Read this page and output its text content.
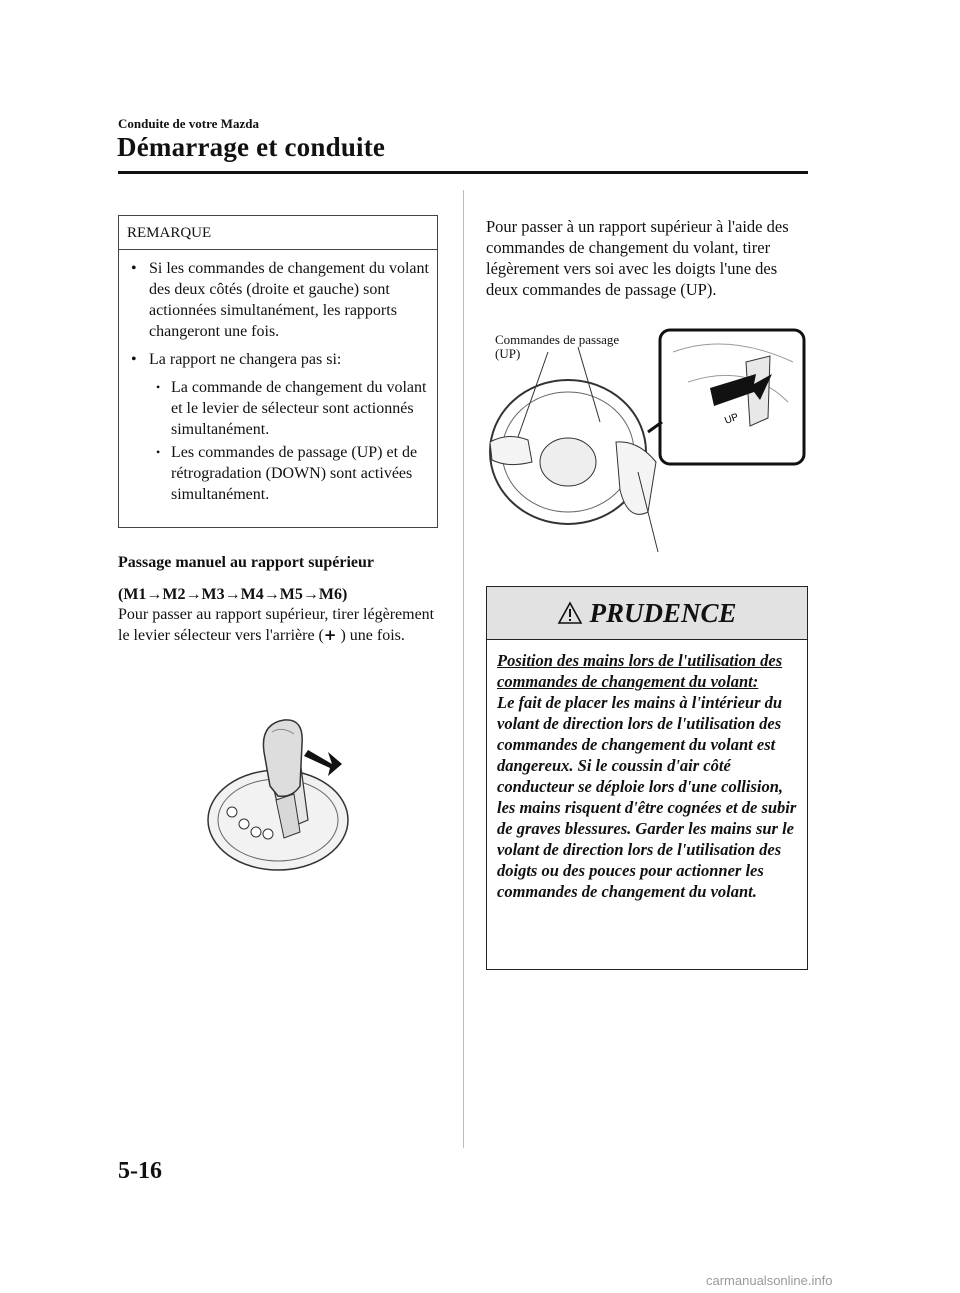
Conduite de votre Mazda
Démarrage et conduite
REMARQUE
• Si les commandes de changement du volant des deux côtés (droite et gauche) sont actionnées simultanément, les rapports changeront une fois.
• La rapport ne changera pas si:
• La commande de changement du volant et le levier de sélecteur sont actionnés simultanément.
• Les commandes de passage (UP) et de rétrogradation (DOWN) sont activées simultanément.
Passage manuel au rapport supérieur
(M1→M2→M3→M4→M5→M6)
Pour passer au rapport supérieur, tirer légèrement le levier sélecteur vers l'arrière (+ ) une fois.
Pour passer à un rapport supérieur à l'aide des commandes de changement du volant, tirer légèrement vers soi avec les doigts l'une des deux commandes de passage (UP).
UP
Commandes de passage
(UP)
PRUDENCE
Position des mains lors de l'utilisation des commandes de changement du volant:
Le fait de placer les mains à l'intérieur du volant de direction lors de l'utilisation des commandes de changement du volant est dangereux. Si le coussin d'air côté conducteur se déploie lors d'une collision, les mains risquent d'être cognées et de subir de graves blessures. Garder les mains sur le volant de direction lors de l'utilisation des doigts ou des pouces pour actionner les commandes de changement du volant.
5-16
carmanualsonline.info
